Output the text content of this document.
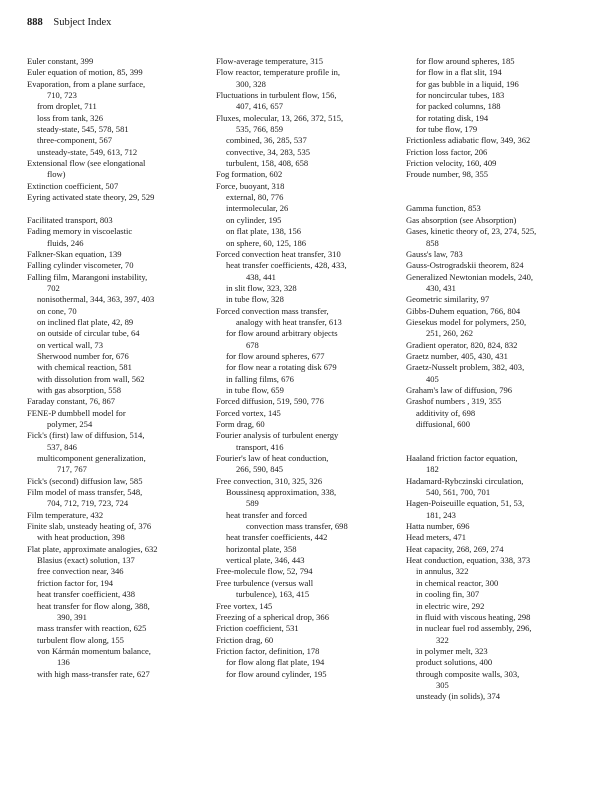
888 Subject Index
Euler constant, 399
Euler equation of motion, 85, 399
Evaporation, from a plane surface,
710, 723
from droplet, 711
loss from tank, 326
steady-state, 545, 578, 581
three-component, 567
unsteady-state, 549, 613, 712
Extensional flow (see elongational
flow)
Extinction coefficient, 507
Eyring activated state theory, 29, 529
Facilitated transport, 803
Fading memory in viscoelastic
fluids, 246
Falkner-Skan equation, 139
Falling cylinder viscometer, 70
Falling film, Marangoni instability,
702
nonisothermal, 344, 363, 397, 403
on cone, 70
on inclined flat plate, 42, 89
on outside of circular tube, 64
on vertical wall, 73
Sherwood number for, 676
with chemical reaction, 581
with dissolution from wall, 562
with gas absorption, 558
Faraday constant, 76, 867
FENE-P dumbbell model for
polymer, 254
Fick's (first) law of diffusion, 514,
537, 846
multicomponent generalization,
717, 767
Fick's (second) diffusion law, 585
Film model of mass transfer, 548,
704, 712, 719, 723, 724
Film temperature, 432
Finite slab, unsteady heating of, 376
with heat production, 398
Flat plate, approximate analogies, 632
Blasius (exact) solution, 137
free convection near, 346
friction factor for, 194
heat transfer coefficient, 438
heat transfer for flow along, 388,
390, 391
mass transfer with reaction, 625
turbulent flow along, 155
von Kármán momentum balance,
136
with high mass-transfer rate, 627
Flow-average temperature, 315
Flow reactor, temperature profile in,
300, 328
Fluctuations in turbulent flow, 156,
407, 416, 657
Fluxes, molecular, 13, 266, 372, 515,
535, 766, 859
combined, 36, 285, 537
convective, 34, 283, 535
turbulent, 158, 408, 658
Fog formation, 602
Force, buoyant, 318
external, 80, 776
intermolecular, 26
on cylinder, 195
on flat plate, 138, 156
on sphere, 60, 125, 186
Forced convection heat transfer, 310
heat transfer coefficients, 428, 433,
438, 441
in slit flow, 323, 328
in tube flow, 328
Forced convection mass transfer,
analogy with heat transfer, 613
for flow around arbitrary objects
678
for flow around spheres, 677
for flow near a rotating disk 679
in falling films, 676
in tube flow, 659
Forced diffusion, 519, 590, 776
Forced vortex, 145
Form drag, 60
Fourier analysis of turbulent energy
transport, 416
Fourier's law of heat conduction,
266, 590, 845
Free convection, 310, 325, 326
Boussinesq approximation, 338,
589
heat transfer and forced
convection mass transfer, 698
heat transfer coefficients, 442
horizontal plate, 358
vertical plate, 346, 443
Free-molecule flow, 52, 794
Free turbulence (versus wall
turbulence), 163, 415
Free vortex, 145
Freezing of a spherical drop, 366
Friction coefficient, 531
Friction drag, 60
Friction factor, definition, 178
for flow along flat plate, 194
for flow around cylinder, 195
for flow around spheres, 185
for flow in a flat slit, 194
for gas bubble in a liquid, 196
for noncircular tubes, 183
for packed columns, 188
for rotating disk, 194
for tube flow, 179
Frictionless adiabatic flow, 349, 362
Friction loss factor, 206
Friction velocity, 160, 409
Froude number, 98, 355
Gamma function, 853
Gas absorption (see Absorption)
Gases, kinetic theory of, 23, 274, 525,
858
Gauss's law, 783
Gauss-Ostrogradskii theorem, 824
Generalized Newtonian models, 240,
430, 431
Geometric similarity, 97
Gibbs-Duhem equation, 766, 804
Giesekus model for polymers, 250,
251, 260, 262
Gradient operator, 820, 824, 832
Graetz number, 405, 430, 431
Graetz-Nusselt problem, 382, 403,
405
Graham's law of diffusion, 796
Grashof numbers , 319, 355
additivity of, 698
diffusional, 600
Haaland friction factor equation,
182
Hadamard-Rybczinski circulation,
540, 561, 700, 701
Hagen-Poiseuille equation, 51, 53,
181, 243
Hatta number, 696
Head meters, 471
Heat capacity, 268, 269, 274
Heat conduction, equation, 338, 373
in annulus, 322
in chemical reactor, 300
in cooling fin, 307
in electric wire, 292
in fluid with viscous heating, 298
in nuclear fuel rod assembly, 296,
322
in polymer melt, 323
product solutions, 400
through composite walls, 303,
305
unsteady (in solids), 374
